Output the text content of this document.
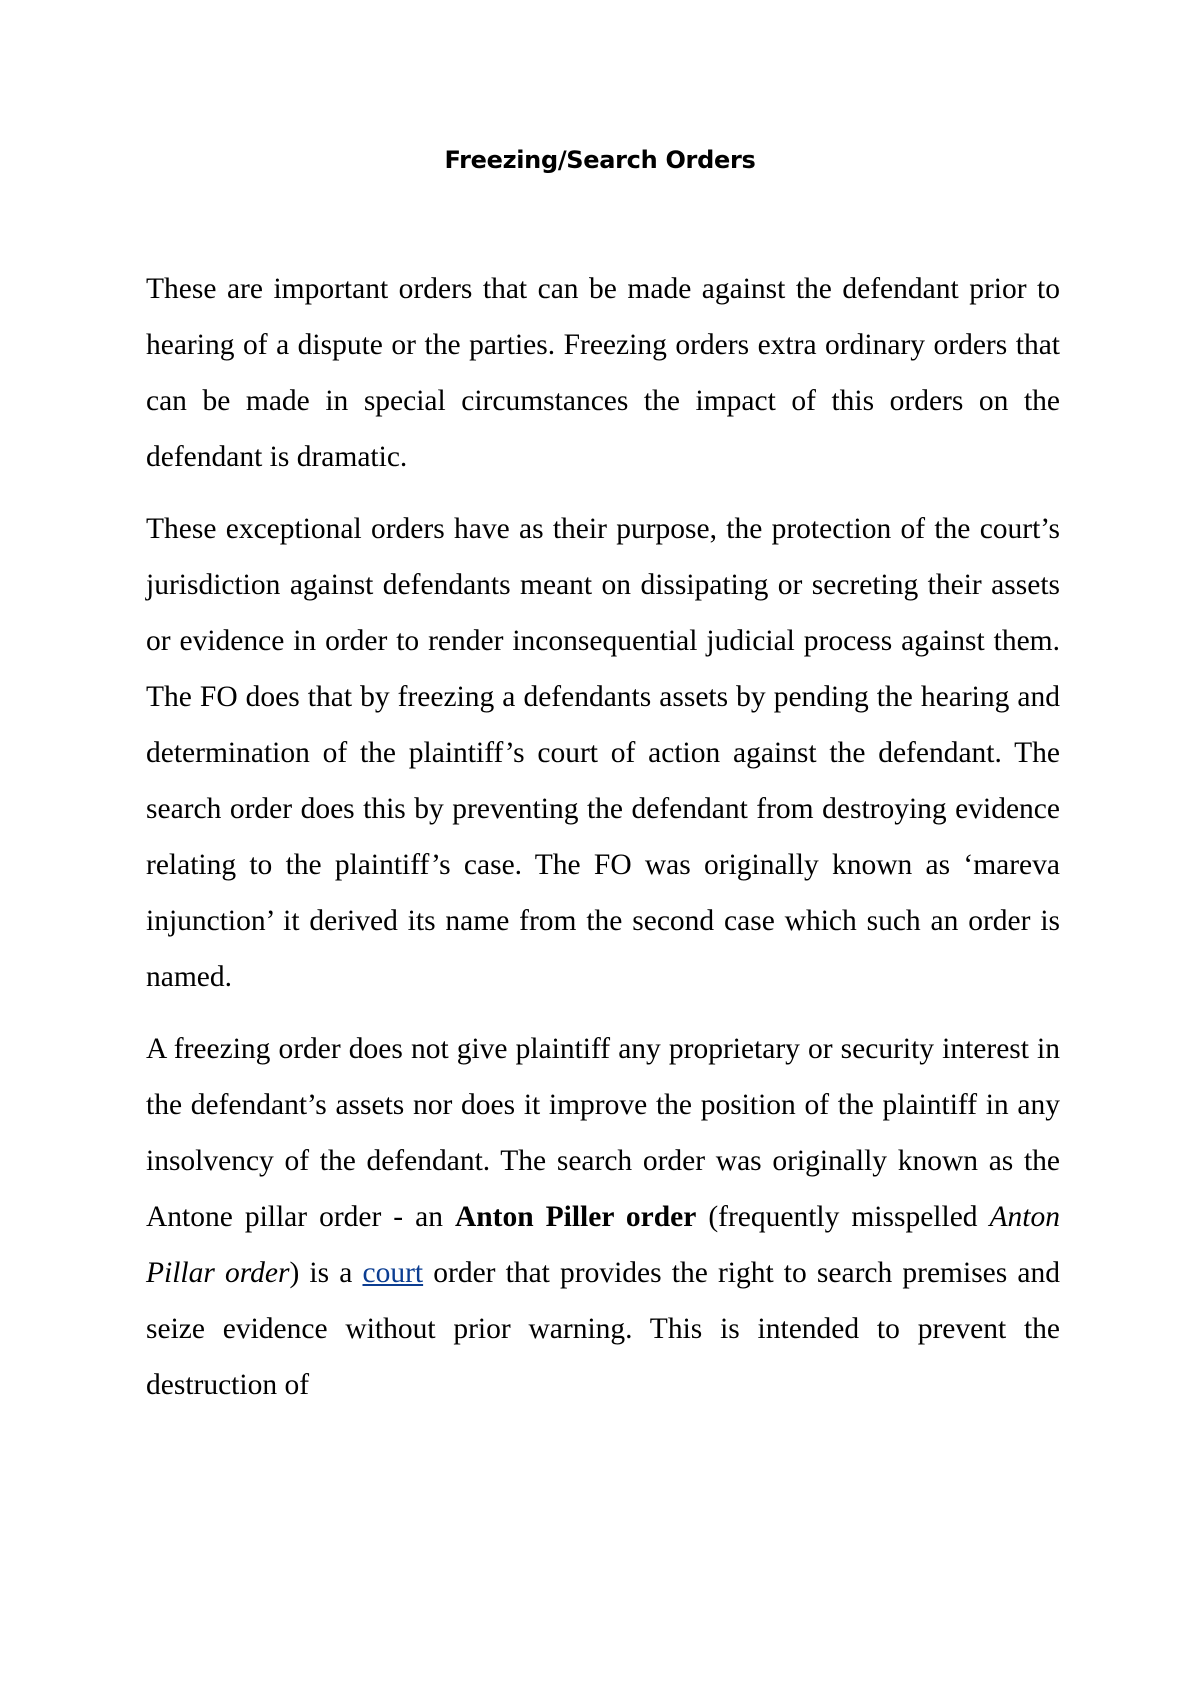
Freezing/Search Orders

These are important orders that can be made against the defendant prior to hearing of a dispute or the parties. Freezing orders extra ordinary orders that can be made in special circumstances the impact of this orders on the defendant is dramatic.

These exceptional orders have as their purpose, the protection of the court’s jurisdiction against defendants meant on dissipating or secreting their assets or evidence in order to render inconsequential judicial process against them. The FO does that by freezing a defendants assets by pending the hearing and determination of the plaintiff’s court of action against the defendant. The search order does this by preventing the defendant from destroying evidence relating to the plaintiff’s case. The FO was originally known as ‘mareva injunction’ it derived its name from the second case which such an order is named.

A freezing order does not give plaintiff any proprietary or security interest in the defendant’s assets nor does it improve the position of the plaintiff in any insolvency of the defendant. The search order was originally known as the Antone pillar order - an Anton Piller order (frequently misspelled Anton Pillar order) is a court order that provides the right to search premises and seize evidence without prior warning. This is intended to prevent the destruction of
